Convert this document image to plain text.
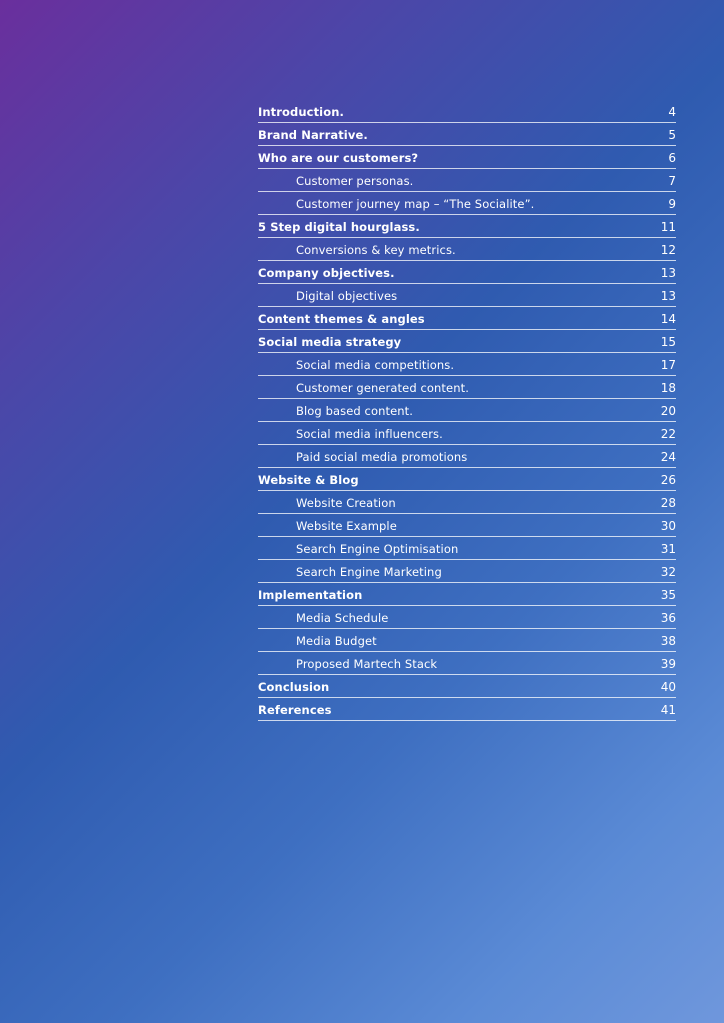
Introduction.	4
Brand Narrative.	5
Who are our customers?	6
Customer personas.	7
Customer journey map – “The Socialite”.	9
5 Step digital hourglass.	11
Conversions & key metrics.	12
Company objectives.	13
Digital objectives	13
Content themes & angles	14
Social media strategy	15
Social media competitions.	17
Customer generated content.	18
Blog based content.	20
Social media influencers.	22
Paid social media promotions	24
Website & Blog	26
Website Creation	28
Website Example	30
Search Engine Optimisation	31
Search Engine Marketing	32
Implementation	35
Media Schedule	36
Media Budget	38
Proposed Martech Stack	39
Conclusion	40
References	41
